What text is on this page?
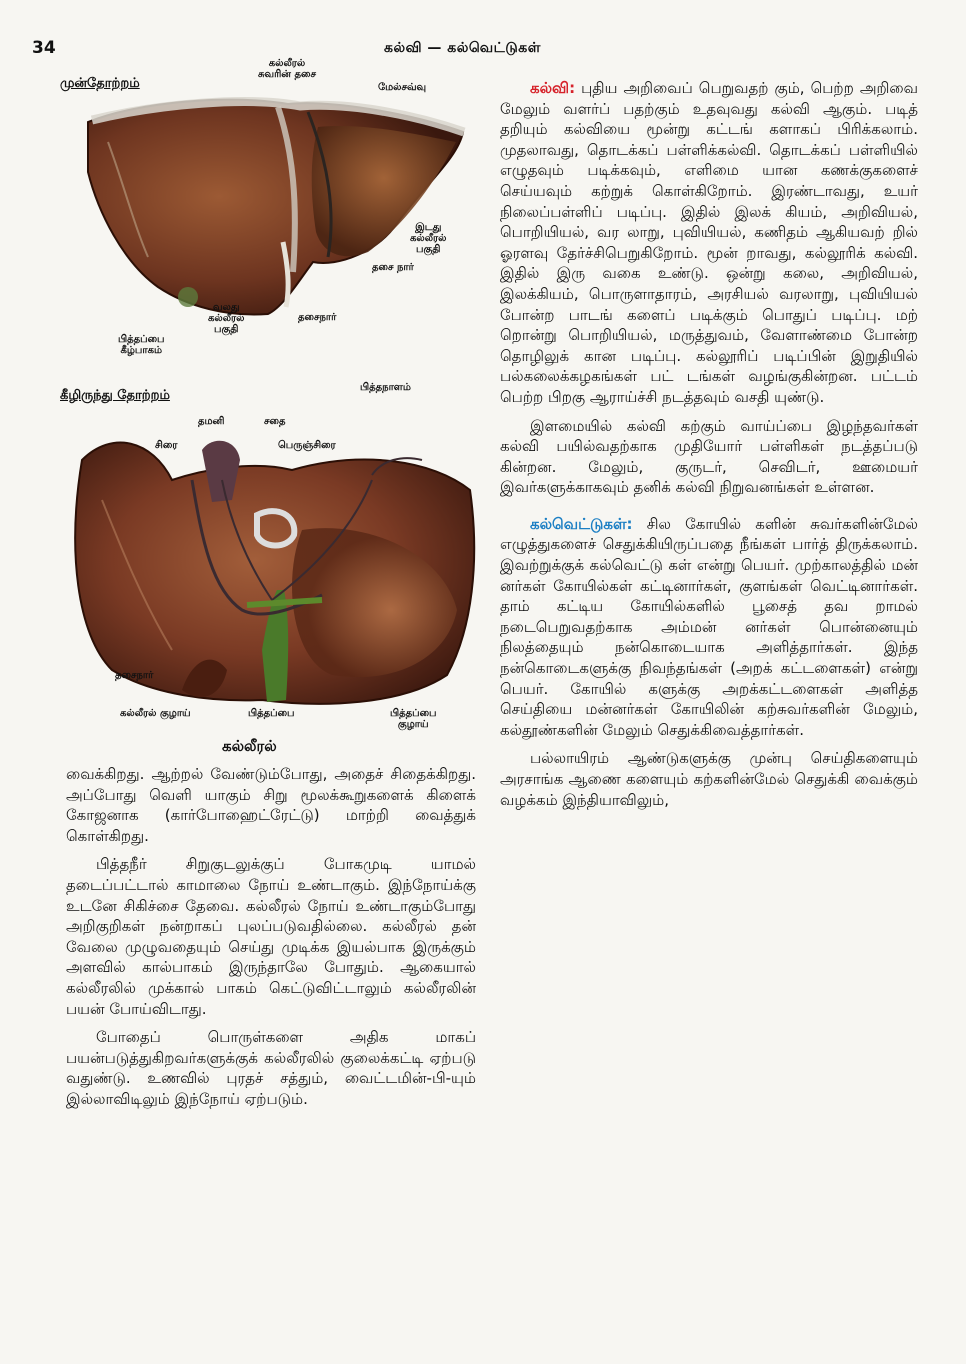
34	கல்வி — கல்வெட்டுகள்
முன்தோற்றம்
கல்லீரல்
சுவரின் தசை
மேல்சவ்வு
இடது
கல்லீரல்
பகுதி
தசை நார்
வலது
கல்லீரல்
பகுதி
தசைநார்
பித்தப்பை
கீழ்பாகம்
கீழிருந்து தோற்றம்
பித்தநாளம்
தமனி	சதை
சிரை	பெருஞ்சிரை
தசைநார்
கல்லீரல் குழாய்	பித்தப்பை	பித்தப்பை
குழாய்
கல்லீரல்

வைக்கிறது. ஆற்றல் வேண்டும்போது, அதைச் சிதைக்கிறது. அப்போது வெளி யாகும் சிறு மூலக்கூறுகளைக் கிளைக் கோஜனாக (கார்போஹைட்ரேட்டு) மாற்றி வைத்துக் கொள்கிறது.

பித்தநீர் சிறுகுடலுக்குப் போகமுடி யாமல் தடைப்பட்டால் காமாலை நோய் உண்டாகும். இந்நோய்க்கு உடனே சிகிச்சை தேவை. கல்லீரல் நோய் உண்டாகும்போது அறிகுறிகள் நன்றாகப் புலப்படுவதில்லை. கல்லீரல் தன் வேலை முழுவதையும் செய்து முடிக்க இயல்பாக இருக்கும் அளவில் கால்பாகம் இருந்தாலே போதும். ஆகையால் கல்லீரலில் முக்கால் பாகம் கெட்டுவிட்டாலும் கல்லீரலின் பயன் போய்விடாது.

போதைப் பொருள்களை அதிக மாகப் பயன்படுத்துகிறவர்களுக்குக் கல்லீரலில் குலைக்கட்டி ஏற்படு வதுண்டு. உணவில் புரதச் சத்தும், வைட்டமின்-பி-யும் இல்லாவிடிலும் இந்நோய் ஏற்படும்.

கல்வி: புதிய அறிவைப் பெறுவதற் கும், பெற்ற அறிவை மேலும் வளர்ப் பதற்கும் உதவுவது கல்வி ஆகும். படித் தறியும் கல்வியை மூன்று கட்டங் களாகப் பிரிக்கலாம். முதலாவது, தொடக்கப் பள்ளிக்கல்வி. தொடக்கப் பள்ளியில் எழுதவும் படிக்கவும், எளிமை யான கணக்குகளைச் செய்யவும் கற்றுக் கொள்கிறோம். இரண்டாவது, உயர் நிலைப்பள்ளிப் படிப்பு. இதில் இலக் கியம், அறிவியல், பொறியியல், வர லாறு, புவியியல், கணிதம் ஆகியவற் றில் ஓரளவு தேர்ச்சிபெறுகிறோம். மூன் றாவது, கல்லூரிக் கல்வி. இதில் இரு வகை உண்டு. ஒன்று கலை, அறிவியல், இலக்கியம், பொருளாதாரம், அரசியல் வரலாறு, புவியியல் போன்ற பாடங் களைப் படிக்கும் பொதுப் படிப்பு. மற் றொன்று பொறியியல், மருத்துவம், வேளாண்மை போன்ற தொழிலுக் கான படிப்பு. கல்லூரிப் படிப்பின் இறுதியில் பல்கலைக்கழகங்கள் பட் டங்கள் வழங்குகின்றன. பட்டம் பெற்ற பிறகு ஆராய்ச்சி நடத்தவும் வசதி யுண்டு.

இளமையில் கல்வி கற்கும் வாய்ப்பை இழந்தவர்கள் கல்வி பயில்வதற்காக முதியோர் பள்ளிகள் நடத்தப்படு கின்றன. மேலும், குருடர், செவிடர், ஊமையர் இவர்களுக்காகவும் தனிக் கல்வி நிறுவனங்கள் உள்ளன.

கல்வெட்டுகள்: சில கோயில் களின் சுவர்களின்மேல் எழுத்துகளைச் செதுக்கியிருப்பதை நீங்கள் பார்த் திருக்கலாம். இவற்றுக்குக் கல்வெட்டு கள் என்று பெயர். முற்காலத்தில் மன் னர்கள் கோயில்கள் கட்டினார்கள், குளங்கள் வெட்டினார்கள். தாம் கட்டிய கோயில்களில் பூசைத் தவ றாமல் நடைபெறுவதற்காக அம்மன் னர்கள் பொன்னையும் நிலத்தையும் நன்கொடையாக அளித்தார்கள். இந்த நன்கொடைகளுக்கு நிவந்தங்கள் (அறக் கட்டளைகள்) என்று பெயர். கோயில் களுக்கு அறக்கட்டளைகள் அளித்த செய்தியை மன்னர்கள் கோயிலின் கற்சுவர்களின் மேலும், கல்தூண்களின் மேலும் செதுக்கிவைத்தார்கள்.

பல்லாயிரம் ஆண்டுகளுக்கு முன்பு செய்திகளையும் அரசாங்க ஆணை களையும் கற்களின்மேல் செதுக்கி வைக்கும் வழக்கம் இந்தியாவிலும்,
